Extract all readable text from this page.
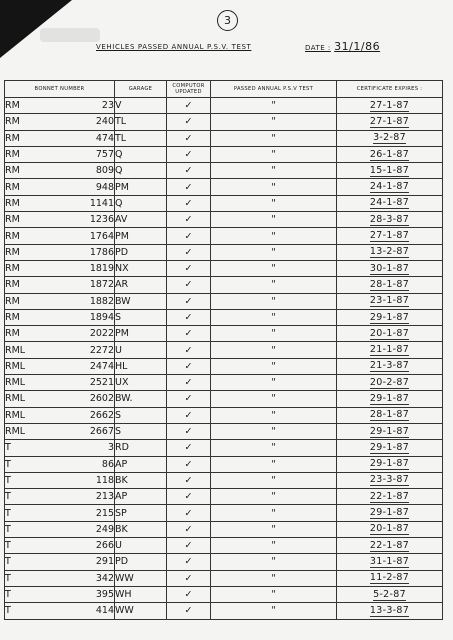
3
VEHICLES PASSED ANNUAL P.S.V. TEST	DATE : 31/1/86
BONNET NUMBER		GARAGE	COMPUTOR UPDATED	PASSED ANNUAL P.S.V TEST	CERTIFICATE EXPIRES :
RM	23	V	✓	"	27-1-87
RM	240	TL	✓	"	27-1-87
RM	474	TL	✓	"	3-2-87
RM	757	Q	✓	"	26-1-87
RM	809	Q	✓	"	15-1-87
RM	948	PM	✓	"	24-1-87
RM	1141	Q	✓	"	24-1-87
RM	1236	AV	✓	"	28-3-87
RM	1764	PM	✓	"	27-1-87
RM	1786	PD	✓	"	13-2-87
RM	1819	NX	✓	"	30-1-87
RM	1872	AR	✓	"	28-1-87
RM	1882	BW	✓	"	23-1-87
RM	1894	S	✓	"	29-1-87
RM	2022	PM	✓	"	20-1-87
RML	2272	U	✓	"	21-1-87
RML	2474	HL	✓	"	21-3-87
RML	2521	UX	✓	"	20-2-87
RML	2602	BW.	✓	"	29-1-87
RML	2662	S	✓	"	28-1-87
RML	2667	S	✓	"	29-1-87
T	3	RD	✓	"	29-1-87
T	86	AP	✓	"	29-1-87
T	118	BK	✓	"	23-3-87
T	213	AP	✓	"	22-1-87
T	215	SP	✓	"	29-1-87
T	249	BK	✓	"	20-1-87
T	266	U	✓	"	22-1-87
T	291	PD	✓	"	31-1-87
T	342	WW	✓	"	11-2-87
T	395	WH	✓	"	5-2-87
T	414	WW	✓	"	13-3-87
